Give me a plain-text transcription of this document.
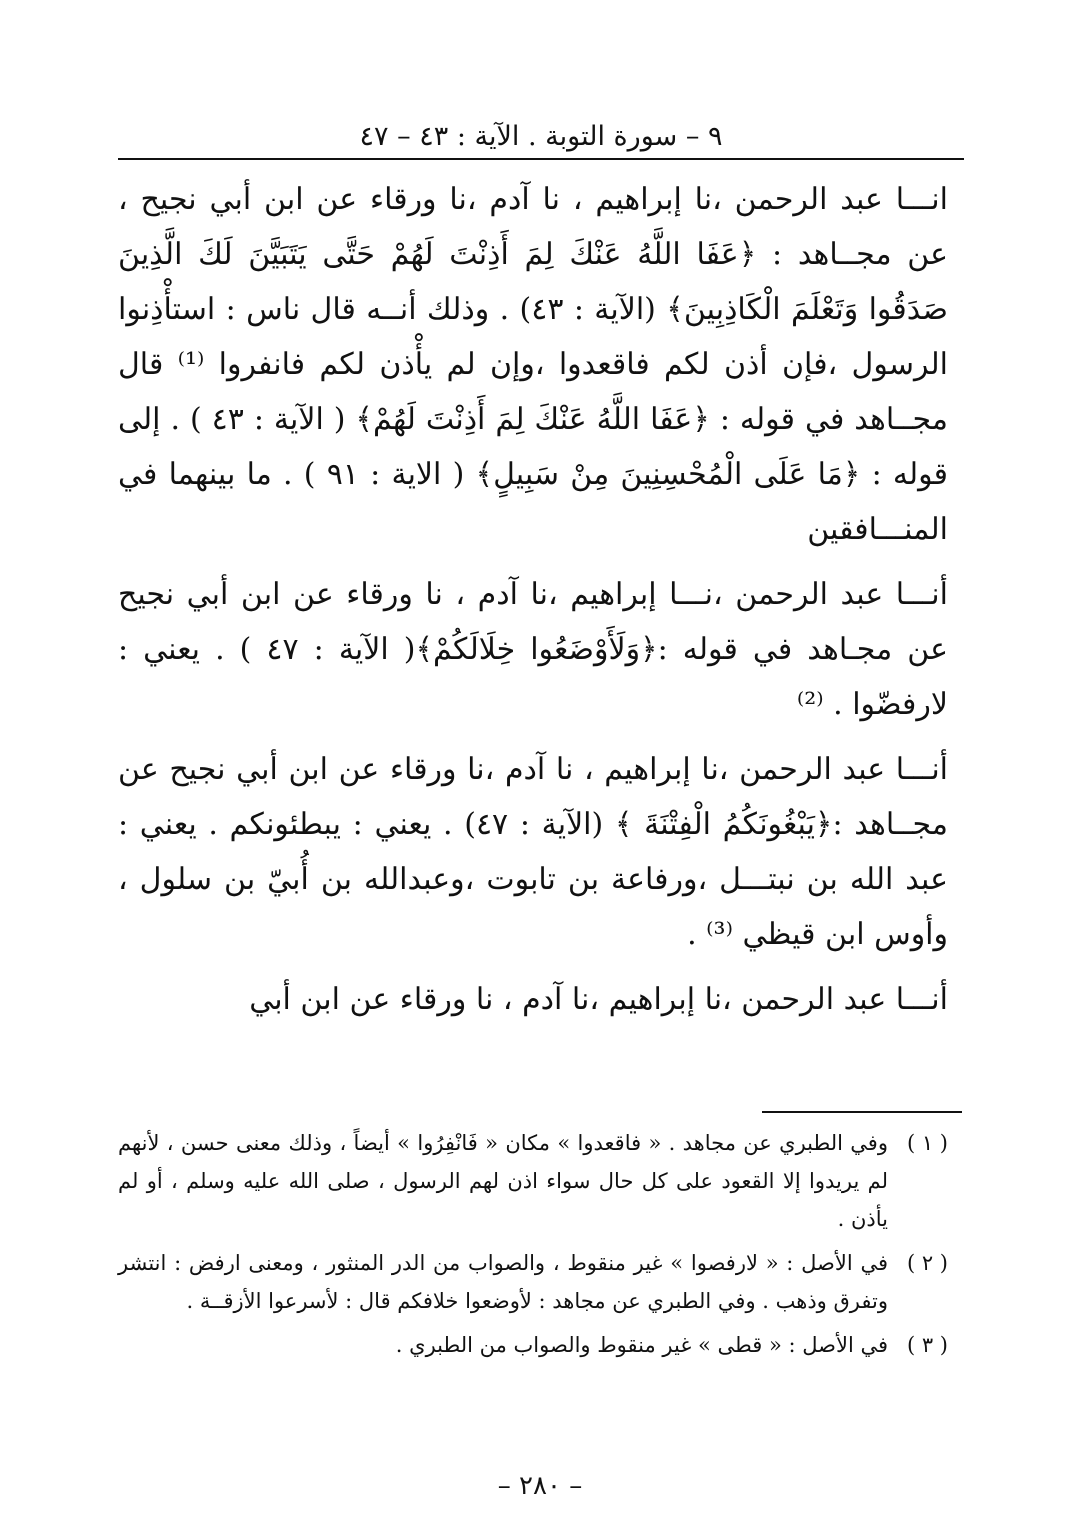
٩ – سورة التوبة . الآية : ٤٣ – ٤٧

انـــا عبد الرحمن ،نا إبراهيم ، نا آدم ،نا ورقاء عن ابن أبي نجيح ، عن مجــاهد : ﴿عَفَا اللَّهُ عَنْكَ لِمَ أَذِنْتَ لَهُمْ حَتَّى يَتَبَيَّنَ لَكَ الَّذِينَ صَدَقُوا وَتَعْلَمَ الْكَاذِبِينَ﴾ (الآية : ٤٣) . وذلك أنــه قال ناس : استأْذِنوا الرسول ،فإن أذن لكم فاقعدوا ،وإن لم يأْذن لكم فانفروا ⁽¹⁾ قال مجــاهد في قوله : ﴿عَفَا اللَّهُ عَنْكَ لِمَ أَذِنْتَ لَهُمْ﴾ ( الآية : ٤٣ ) . إلى قوله : ﴿مَا عَلَى الْمُحْسِنِينَ مِنْ سَبِيلٍ﴾ ( الاية : ٩١ ) . ما بينهما في المنـــافقين

أنـــا عبد الرحمن ،نـــا إبراهيم ،نا آدم ، نا ورقاء عن ابن أبي نجيح عن مجـاهد في قوله :﴿وَلَأَوْضَعُوا خِلَالَكُمْ﴾( الآية : ٤٧ ) . يعني : لارفضّوا . ⁽²⁾

أنـــا عبد الرحمن ،نا إبراهيم ، نا آدم ،نا ورقاء عن ابن أبي نجيح عن مجــاهد :﴿يَبْغُونَكُمُ الْفِتْنَةَ ﴾ (الآية : ٤٧) . يعني : يبطئونكم . يعني : عبد الله بن نبتـــل ،ورفاعة بن تابوت ،وعبدالله بن أُبيّ بن سلول ، وأوس ابن قيظي ⁽³⁾ .

أنـــا عبد الرحمن ،نا إبراهيم ،نا آدم ، نا ورقاء عن ابن أبي

( ١ )
وفي الطبري عن مجاهد . « فاقعدوا » مكان « فَانْفِرُوا » أيضاً ، وذلك معنى حسن ، لأنهم لم يريدوا إلا القعود على كل حال سواء اذن لهم الرسول ، صلى الله عليه وسلم ، أو لم يأذن .
( ٢ )
في الأصل : « لارفصوا » غير منقوط ، والصواب من الدر المنثور ، ومعنى ارفض : انتشر وتفرق وذهب . وفي الطبري عن مجاهد : لأوضعوا خلافكم قال : لأسرعوا الأزقــة .
( ٣ )
في الأصل : « قطى » غير منقوط والصواب من الطبري .
– ٢٨٠ –
